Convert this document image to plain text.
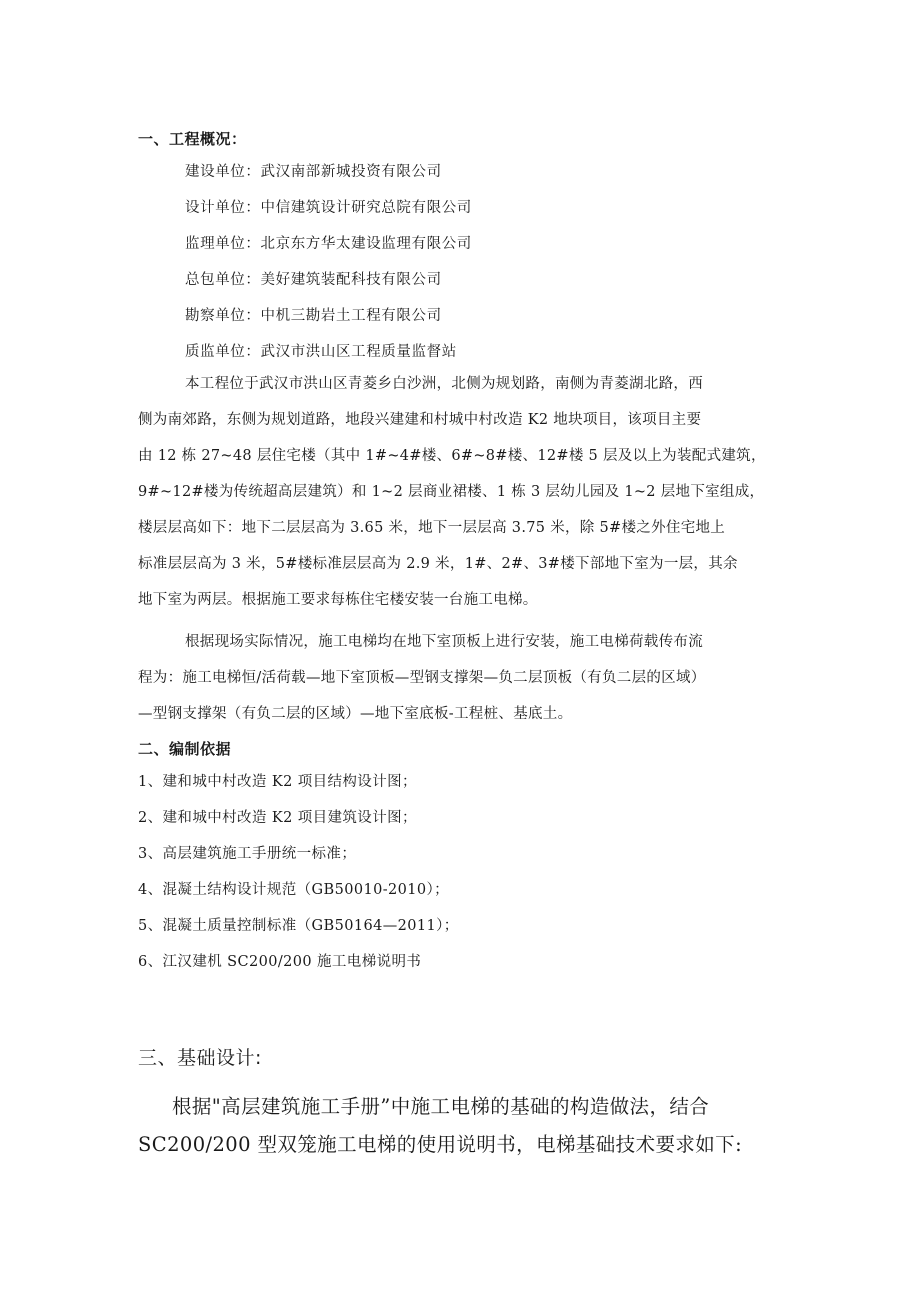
一、工程概况：
建设单位：武汉南部新城投资有限公司
设计单位：中信建筑设计研究总院有限公司
监理单位：北京东方华太建设监理有限公司
总包单位：美好建筑装配科技有限公司
勘察单位：中机三勘岩土工程有限公司
质监单位：武汉市洪山区工程质量监督站

本工程位于武汉市洪山区青菱乡白沙洲，北侧为规划路，南侧为青菱湖北路，西

侧为南郊路，东侧为规划道路，地段兴建建和村城中村改造 K2 地块项目，该项目主要

由 12 栋 27~48 层住宅楼（其中 1#~4#楼、6#~8#楼、12#楼 5 层及以上为装配式建筑，

9#~12#楼为传统超高层建筑）和 1~2 层商业裙楼、1 栋 3 层幼儿园及 1~2 层地下室组成，

楼层层高如下：地下二层层高为 3.65 米，地下一层层高 3.75 米，除 5#楼之外住宅地上

标准层层高为 3 米，5#楼标准层层高为 2.9 米，1#、2#、3#楼下部地下室为一层，其余

地下室为两层。根据施工要求每栋住宅楼安装一台施工电梯。

根据现场实际情况，施工电梯均在地下室顶板上进行安装，施工电梯荷载传布流

程为：施工电梯恒/活荷载—地下室顶板—型钢支撑架—负二层顶板（有负二层的区域）

—型钢支撑架（有负二层的区域）—地下室底板-工程桩、基底土。

二、编制依据
1、建和城中村改造 K2 项目结构设计图；
2、建和城中村改造 K2 项目建筑设计图；
3、高层建筑施工手册统一标准；
4、混凝土结构设计规范（GB50010-2010）；
5、混凝土质量控制标准（GB50164—2011）；
6、江汉建机 SC200/200 施工电梯说明书
三、基础设计:

根据"高层建筑施工手册”中施工电梯的基础的构造做法，结合

SC200/200 型双笼施工电梯的使用说明书，电梯基础技术要求如下:
